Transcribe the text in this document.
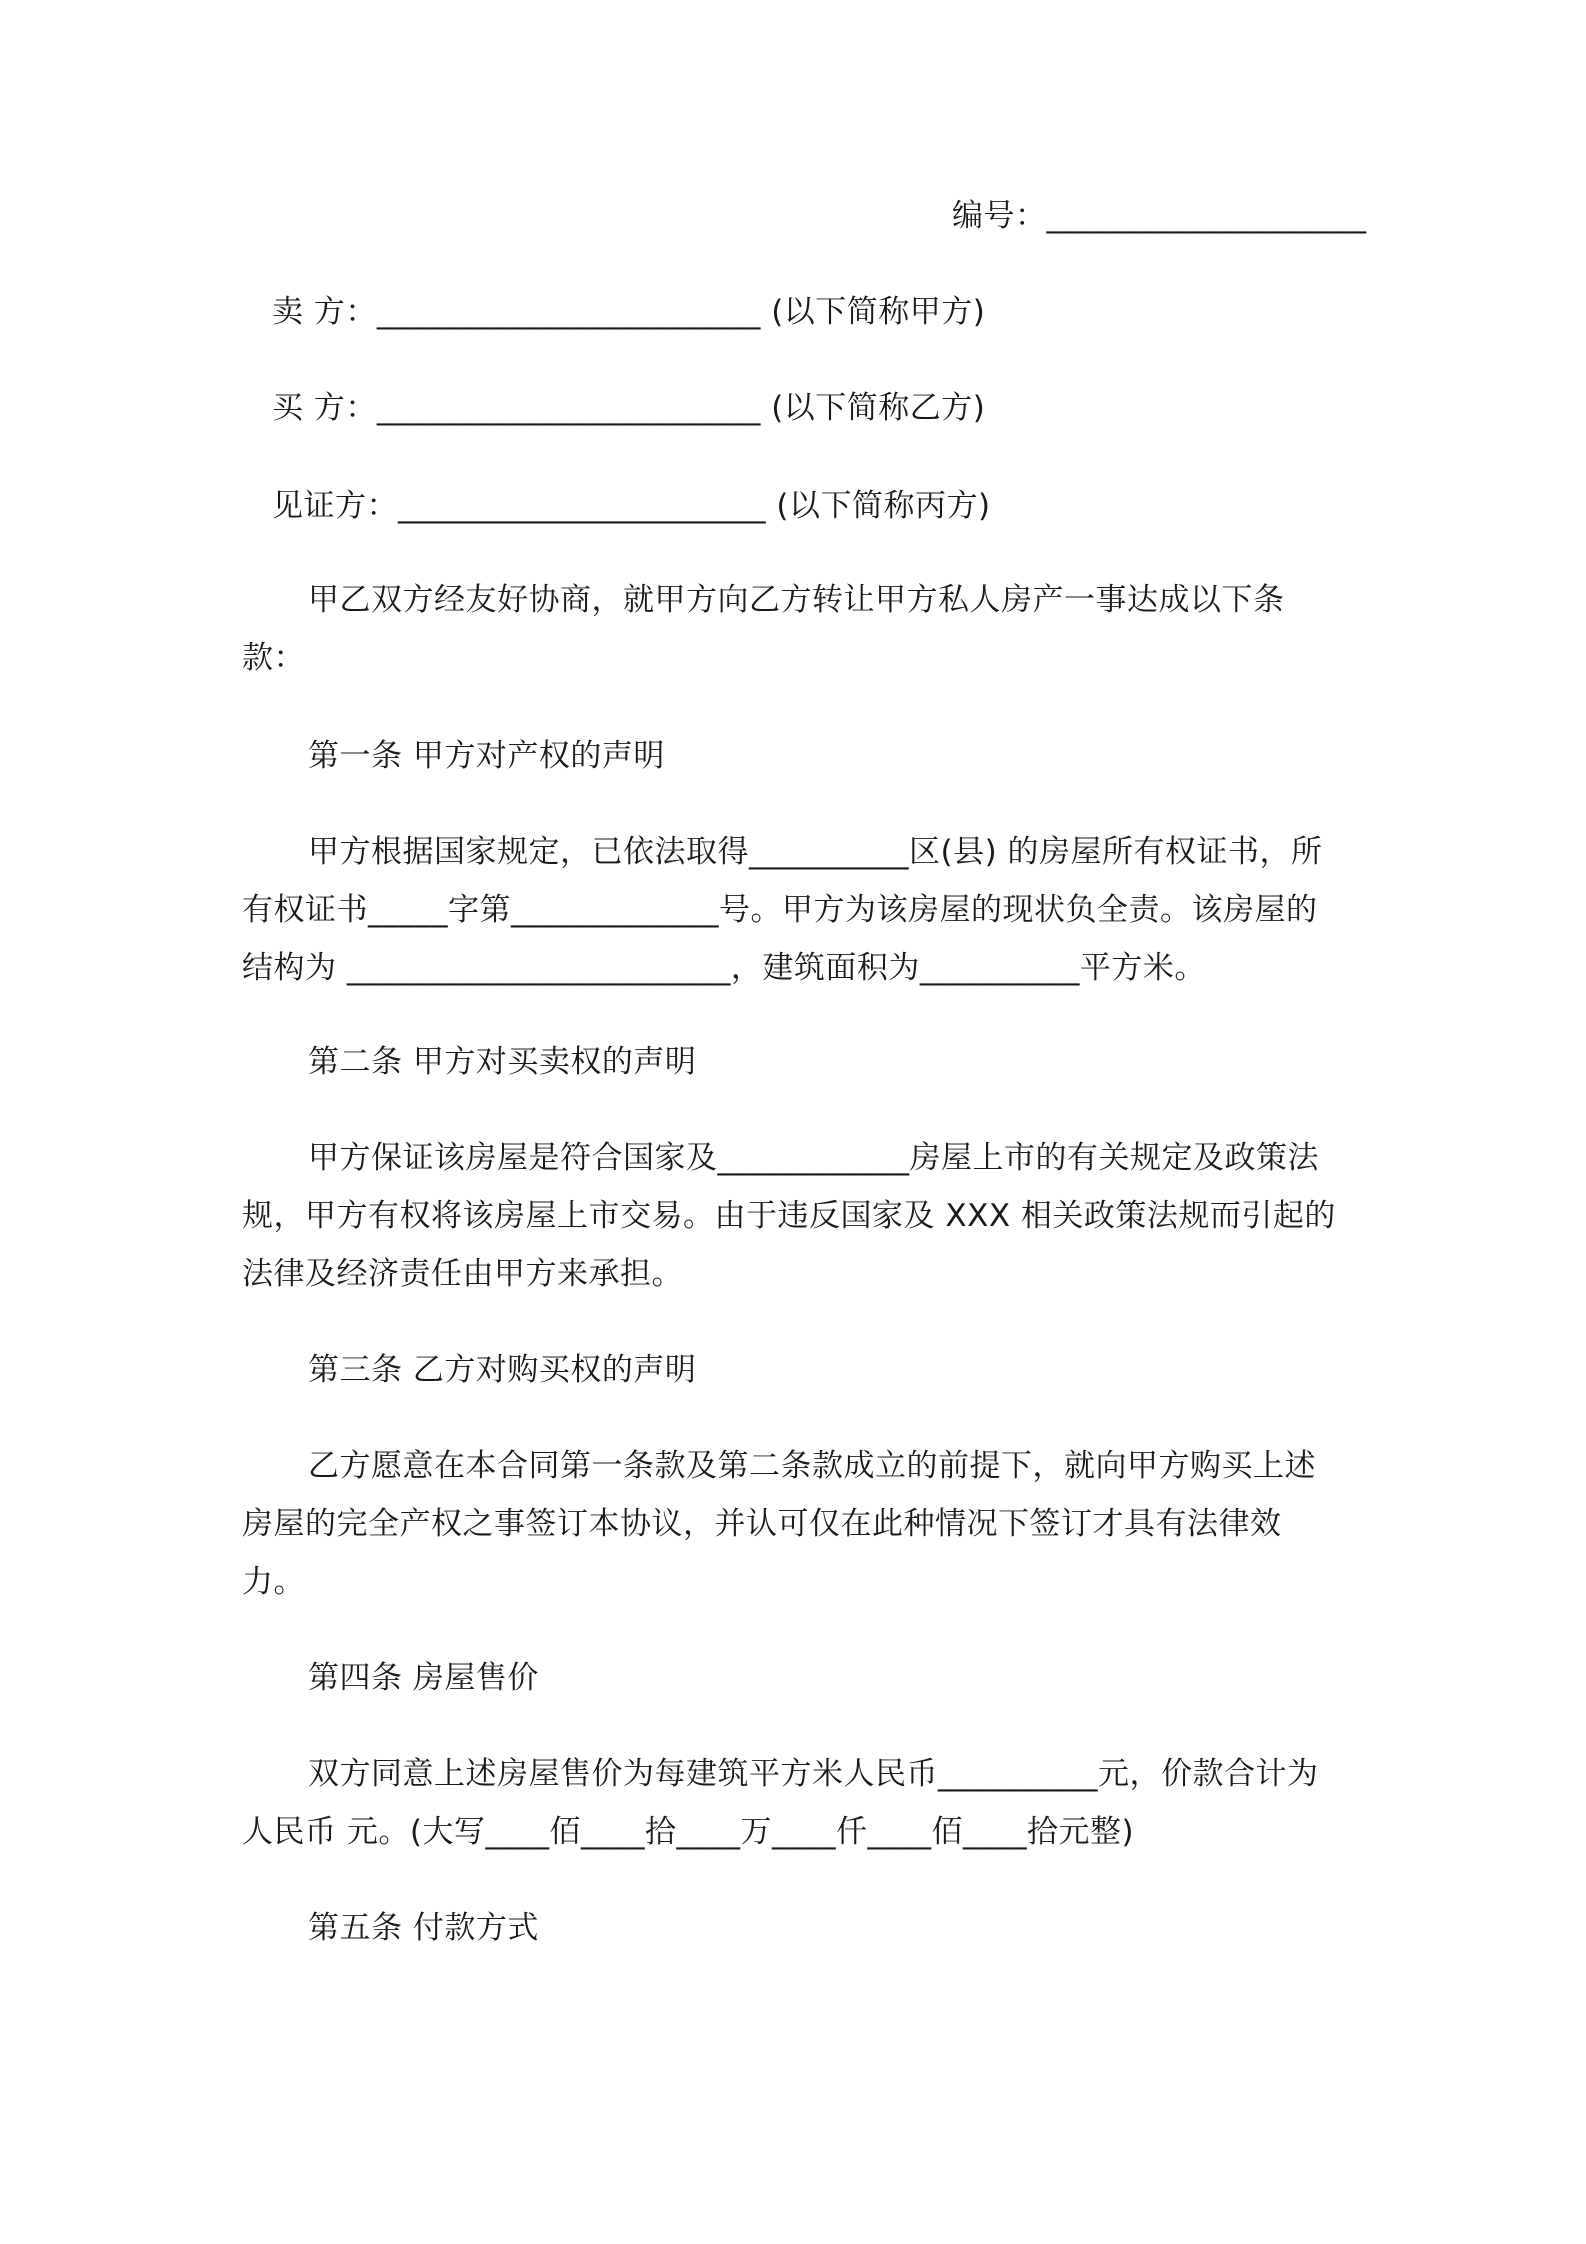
编号：____________________
卖 方：________________________ (以下简称甲方)
买 方：________________________ (以下简称乙方)
见证方：_______________________ (以下简称丙方)
甲乙双方经友好协商，就甲方向乙方转让甲方私人房产一事达成以下条
款：
第一条 甲方对产权的声明
甲方根据国家规定，已依法取得__________区(县) 的房屋所有权证书，所
有权证书_____字第_____________号。甲方为该房屋的现状负全责。该房屋的
结构为 ________________________，建筑面积为__________平方米。
第二条 甲方对买卖权的声明
甲方保证该房屋是符合国家及____________房屋上市的有关规定及政策法
规，甲方有权将该房屋上市交易。由于违反国家及 XXX 相关政策法规而引起的
法律及经济责任由甲方来承担。
第三条 乙方对购买权的声明
乙方愿意在本合同第一条款及第二条款成立的前提下，就向甲方购买上述
房屋的完全产权之事签订本协议，并认可仅在此种情况下签订才具有法律效
力。
第四条 房屋售价
双方同意上述房屋售价为每建筑平方米人民币__________元，价款合计为
人民币 元。(大写____佰____拾____万____仟____佰____拾元整)
第五条 付款方式
